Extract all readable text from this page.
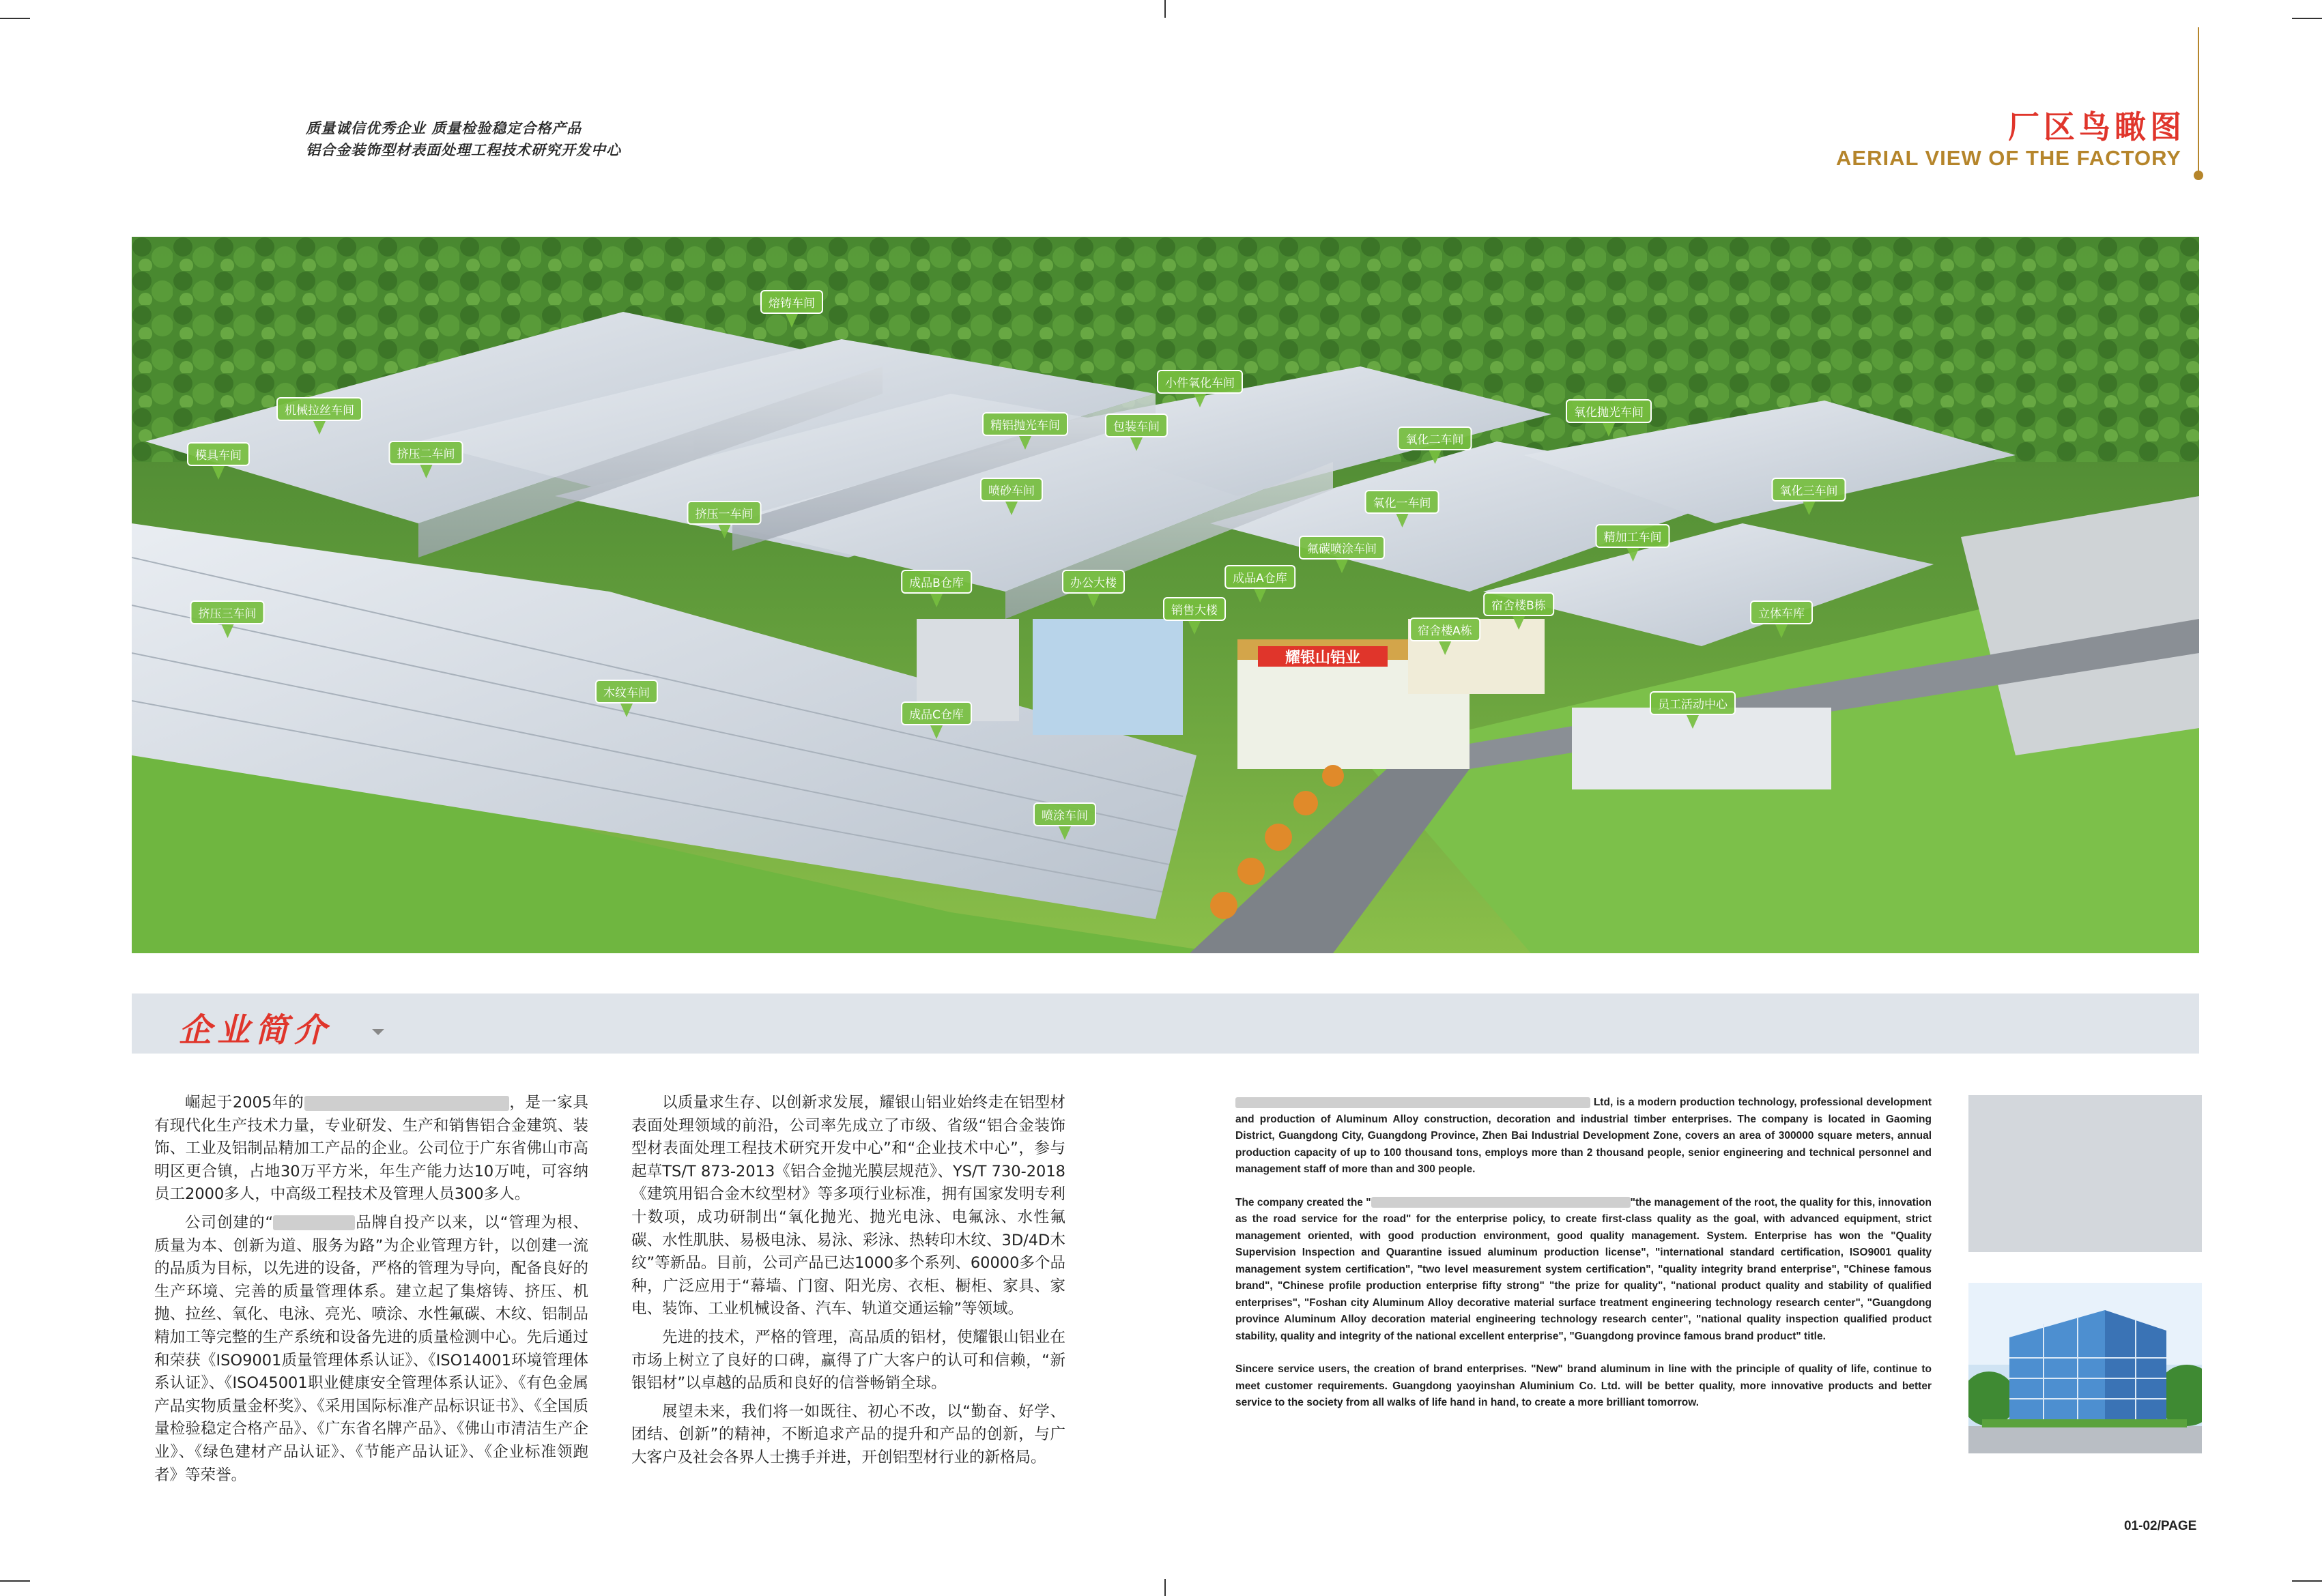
质量诚信优秀企业 质量检验稳定合格产品
铝合金装饰型材表面处理工程技术研究开发中心
厂区鸟瞰图
AERIAL VIEW OF THE FACTORY
耀银山铝业
熔铸车间
机械拉丝车间
模具车间	挤压二车间
挤压一车间
精铝抛光车间
小件氧化车间
氧化抛光车间
包装车间
氧化二车间
喷砂车间
氧化一车间
氧化三车间
挤压三车间
成品B仓库	办公大楼	成品A仓库
氟碳喷涂车间
精加工车间
销售大楼
宿舍楼A栋
宿舍楼B栋
立体车库
木纹车间
成品C仓库
员工活动中心
喷涂车间
企业简介

崛起于2005年的	，是一家具有现代化生产技术力量，专业研发、生产和销售铝合金建筑、装饰、工业及铝制品精加工产品的企业。公司位于广东省佛山市高明区更合镇，占地30万平方米，年生产能力达10万吨，可容纳员工2000多人，中高级工程技术及管理人员300多人。

公司创建的“	品牌自投产以来，以“管理为根、质量为本、创新为道、服务为路”为企业管理方针，以创建一流的品质为目标，以先进的设备，严格的管理为导向，配备良好的生产环境、完善的质量管理体系。建立起了集熔铸、挤压、机抛、拉丝、氧化、电泳、亮光、喷涂、水性氟碳、木纹、铝制品精加工等完整的生产系统和设备先进的质量检测中心。先后通过和荣获《ISO9001质量管理体系认证》、《ISO14001环境管理体系认证》、《ISO45001职业健康安全管理体系认证》、《有色金属产品实物质量金杯奖》、《采用国际标准产品标识证书》、《全国质量检验稳定合格产品》、《广东省名牌产品》、《佛山市清洁生产企业》、《绿色建材产品认证》、《节能产品认证》、《企业标准领跑者》等荣誉。

以质量求生存、以创新求发展，耀银山铝业始终走在铝型材表面处理领域的前沿，公司率先成立了市级、省级“铝合金装饰型材表面处理工程技术研究开发中心”和“企业技术中心”，参与起草TS/T 873-2013《铝合金抛光膜层规范》、YS/T 730-2018《建筑用铝合金木纹型材》等多项行业标准，拥有国家发明专利十数项，成功研制出“氧化抛光、抛光电泳、电氟泳、水性氟碳、水性肌肤、易极电泳、易泳、彩泳、热转印木纹、3D/4D木纹”等新品。目前，公司产品已达1000多个系列、60000多个品种，广泛应用于“幕墙、门窗、阳光房、衣柜、橱柜、家具、家电、装饰、工业机械设备、汽车、轨道交通运输”等领域。

先进的技术，严格的管理，高品质的铝材，使耀银山铝业在市场上树立了良好的口碑，赢得了广大客户的认可和信赖，“新银铝材”以卓越的品质和良好的信誉畅销全球。

展望未来，我们将一如既往、初心不改，以“勤奋、好学、团结、创新”的精神，不断追求产品的提升和产品的创新，与广大客户及社会各界人士携手并进，开创铝型材行业的新格局。

Ltd, is a modern production technology, professional development and production of Aluminum Alloy construction, decoration and industrial timber enterprises. The company is located in Gaoming District, Guangdong City, Guangdong Province, Zhen Bai Industrial Development Zone, covers an area of 300000 square meters, annual production capacity of up to 100 thousand tons, employs more than 2 thousand people, senior engineering and technical personnel and management staff of more than and 300 people.

The company created the "	"the management of the root, the quality for this, innovation as the road service for the road" for the enterprise policy, to create first-class quality as the goal, with advanced equipment, strict management oriented, with good production environment, good quality management. System. Enterprise has won the "Quality Supervision Inspection and Quarantine issued aluminum production license", "international standard certification, ISO9001 quality management system certification", "two level measurement system certification", "quality integrity brand enterprise", "Chinese famous brand", "Chinese profile production enterprise fifty strong" "the prize for quality", "national product quality and stability of qualified enterprises", "Foshan city Aluminum Alloy decorative material surface treatment engineering technology research center", "Guangdong province Aluminum Alloy decoration material engineering technology research center", "national quality inspection qualified product stability, quality and integrity of the national excellent enterprise", "Guangdong province famous brand product" title.

Sincere service users, the creation of brand enterprises. "New" brand aluminum in line with the principle of quality of life, continue to meet customer requirements. Guangdong yaoyinshan Aluminium Co. Ltd. will be better quality, more innovative products and better service to the society from all walks of life hand in hand, to create a more brilliant tomorrow.

01-02/PAGE
